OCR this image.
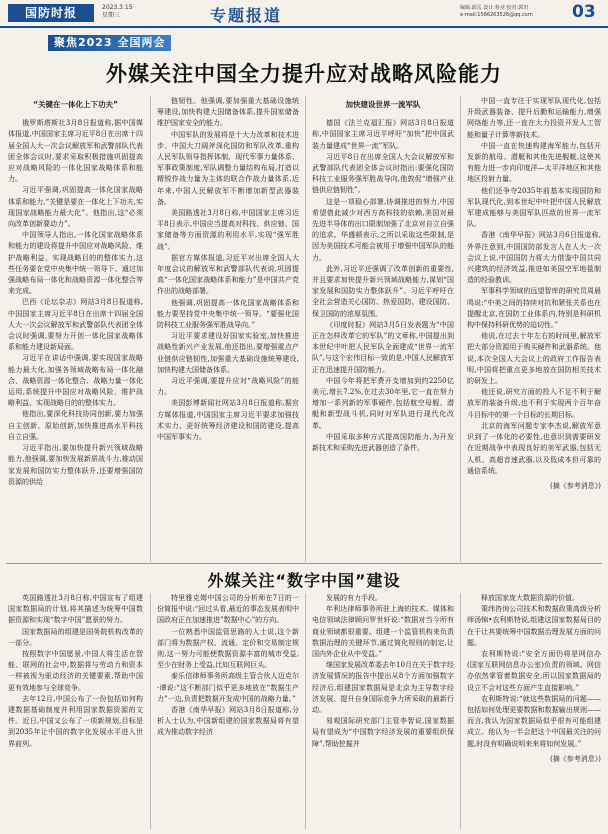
国防时报	2023.3.15
星期三	专题报道	编辑:邱岳 设计:检业 校对:郭田
e-mail:1586263526@qq.com 03
聚焦2023 全国两会
外媒关注中国全力提升应对战略风险能力
“关键在一体化上下功夫”

俄罗斯塔斯社3月8日报道称,据中国媒体报道,中国国家主席习近平8日在出席十四届全国人大一次会议解放军和武警部队代表团全体会议时,要求采取积极措施巩固提高应对战略风险的一体化国家战略体系和能力。

习近平强调,巩固提高一体化国家战略体系和能力,“关键是要在一体化上下功夫,实现国家战略能力最大化”。他指出,这“必须向改革创新要动力”。

中国领导人指出,一体化国家战略体系和能力的建设将提升中国应对战略风险、维护战略利益、实现战略目的的整体实力,这些任务要在党中央集中统一领导下、通过加强战略布局一体化和战略资源一体化整合等来完成。

巴西《论坛杂志》网站3月8日报道称,中国国家主席习近平8日在出席十四届全国人大一次会议解放军和武警部队代表团全体会议时强调,要努力开创一体化国家战略体系和能力建设新局面。

习近平在讲话中强调,要实现国家战略能力最大化,加强各领域战略布局一体化融合、战略资源一体化整合、战略力量一体化运用,系统提升中国应对战略风险、维护战略利益、实现战略目的的整体实力。

他指出,要深化科技协同创新,要力加强自主创新、原始创新,加快推进高水平科技自立自强。

习近平指出,要加快提升新兴领域战略能力,他强调,要加快发展新质战斗力,推动国家发展和国防实力整体跃升,还要增强国防资源的供给

链韧性。他强调,要加强重大基础设施统筹建设,加快构建大国储备体系,提升国家储备维护国家安全的能力。

中国军队的发展将是十大力改革和技术进步。中国大刀阔斧深化国防和军队改革,重构人民军队领导指挥体制、现代军事力量体系、军事政策制度,军队调整力量结构布局,打造以精锐作战力量为主体的联合作战力量体系,近年来,中国人民解放军不断增加新型武器装备。

美国路透社3月8日称,中国国家主席习近平8日表示,中国应当提高对科技、供应链、国家储备等方面资源的利用水平,实现“强军胜战”。

据官方媒体报道,习近平对出席全国人大年度会议的解放军和武警部队代表说,巩固提高“一体化国家战略体系和能力”是中国共产党作出的战略部署。

他强调,巩固提高一体化国家战略体系和能力要坚持党中央集中统一领导。“要强化国防科技工业服务强军胜战导向。”

习近平要求建设好国家实验室,加快推进战略性新兴产业发展,他还指出,要增强重点产业链供应链韧性,加强重大基础设施统筹建设,加快构建大国储备体系。

习近平强调,要提升应对“战略风险”的能力。

美国彭博新闻社网站3月8日报道称,据官方媒体报道,中国国家主席习近平要求加强技术实力、更好统筹经济建设和国防建设,提高中国军事实力。

加快建设世界一流军队

德国《法兰克福汇报》网站3月8日报道称,中国国家主席习近平呼吁“加快”把中国武装力量建成“世界一流”军队。

习近平8日在出席全国人大会议解放军和武警部队代表团全体会议时指出:要强化国防科技工业服务强军胜战导向,他敦促“增强产业链供应链韧性”。

这是一项稳心部署,协调推进的努力,中国希望借此减少对西方高科技的依赖,美国对最先进半导体的出口限制加强了北京对自立自强的追求。华盛顿表示,之所以采取这些限制,是因为美国技术可能会被用于增强中国军队的能力。

此外,习近平还强调了改革创新的重要性,并且要求加快提升新兴领域战略能力,谋划“国家发展和国防实力整体跃升”。习近平呼吁在全社会营造关心国防、热爱国防、建设国防、保卫国防的浓厚氛围。

《印度时报》网站3月5日发表题为“中国正在怎样改革它的军队”的文章称,中国提出到本世纪中叶把人民军队全面建成“世界一流军队”,与这个宏伟目标一致的是,中国人民解放军正在迅速提升国防能力。

中国今年将把军费开支增加到约2250亿美元,增长7.2%,在过去30年里,它一直在努力增加一系列新的军事硬件,包括航空母舰、潜艇和新型战斗机,同时对军队进行现代化改革。

中国采取多种方式提高国防能力,为开发新技术和采购先进武器创造了条件。

中国一直专注于实现军队现代化,包括升级武器装备、提升后勤和运输能力,增强网络能力等,还一直在大力投资开发人工智能和量子计算等新技术。

中国一直在快速构建海军能力,包括开发新的航母、潜艇和其他先进舰艇,这使其有能力进一步向印度洋—太平洋地区和其他地区投射力量。

他们还争夺2035年前基本实现国防和军队现代化,到本世纪中叶把中国人民解放军建成能够与美国军队匹敌的世界一流军队。

香港《南华早报》网站3月6日报道称,外界注意到,中国国防部发言人在人大一次会议上说,中国国防力将大力借鉴中国共同兴建筑的经济效益,推进如美国空军地毯制造的经验教训。

军事科学领域的远望智库的研究员周晨鸣说:“中美之间的持续对抗和紧张关系也在提醒北京,在国防工业体系内,特别是科研机构中保持科研优势的迫切性。”

他说,在过去十年左右的时间里,解放军把大部分资源用于购买硬件和武器系统。他说,本次全国人大会议上的政府工作报告表明,中国将把重点更多地放在国防相关技术的研发上。

他还说,研究方面的投入不足不利于解放军的装备升级,也不利于实现两个百年奋斗目标中的第一个目标的长期目标。

北京的海军问题专家李杰说,解放军意识到了一体化的必要性,也意识到需要研发在近期战争中表现良好的美军武器,包括无人机、高超音速武器,以及低成本但可靠的通信系统。

(摘《参考消息》)
外媒关注“数字中国”建设

英国路透社3月8日称,中国宣布了组建国家数据局的计划,将其描述为统筹中国数据资源和实现“数字中国”愿景的努力。

国家数据局的组建是国务院机构改革的一部分。

按照数字中国愿景,中国人将生活在智能、联网的社会中,数据将与劳动力和资本一样被视为驱动经济的关键要素,帮助中国更有效地参与全球竞争。

去年12月,中国公布了一份包括如何构建数据基础制度并利用国家数据资源的文件。近日,中国又公布了一项新规划,目标是到2035年让中国的数字化发展水平进入世界前列。

特里雅克姆中国公司的分析师在7日的一份简报中说:“回过头看,最近的事态发展表明中国政府正在加速推进”数据中心”的方向。

一位熟悉中国监管思路的人士说,这个新部门将为数据产权、流通、定价和交易制定规则,这一努力可能使数据资源丰富的城市受益,至少在财务上受益,比如互联网巨头。

泰乐信律师事务所高级主管合伙人迈克尔·谭说:“这不断部门似乎更多地放在“数据生产力”一边,负责把数据开发成中国的战略力量。”

香港《南华早报》网站3月8日报道称,分析人士认为,中国新组建的国家数据局将有望成为推动数字经济

发展的有力手段。

年利达律师事务所驻上海的技术、媒体和电信领域法律顾问罗世轩说:“数据对当今所有商业领域都很重要。组建一个监管机构来负责数据治理的关键环节,通过简化规则的制定,让国内外企业从中受益。”

继国家发展改革委去年10月在关于数字经济发展情况的报告中提出从8个方面加强数字经济后,组建国家数据局是北京为主导数字经济发展、提升自身国际竞争力所采取的最新行动。

易观国际研究部门主管李智说,国家数据局有望成为“中国数字经济发展的重要组织保障”,帮助挖掘并

释放国家庞大数据资源的价值。

策纬咨询公司技术和数据政策高级分析师汤锦•农利斯特说,组建这国家数据局目的在于让其要统筹中国数据治理发展方面的问题。

农利斯特说:“安全方面仍将是网信办(国家互联网信息办公室)负责的领域。网信办依然掌管着数据安全,所以国家数据局的设立不会对这些方面产生直接影响。”

农利斯特说:“就这些数据局的问题——包括如何处理更要数据和数据输出规则——而言,我认为国家数据局似乎很有可能组建成立。他认为一半会把这个中国最关注的问题,时没有明确说明来来将如何发展。”

(摘《参考消息》)
